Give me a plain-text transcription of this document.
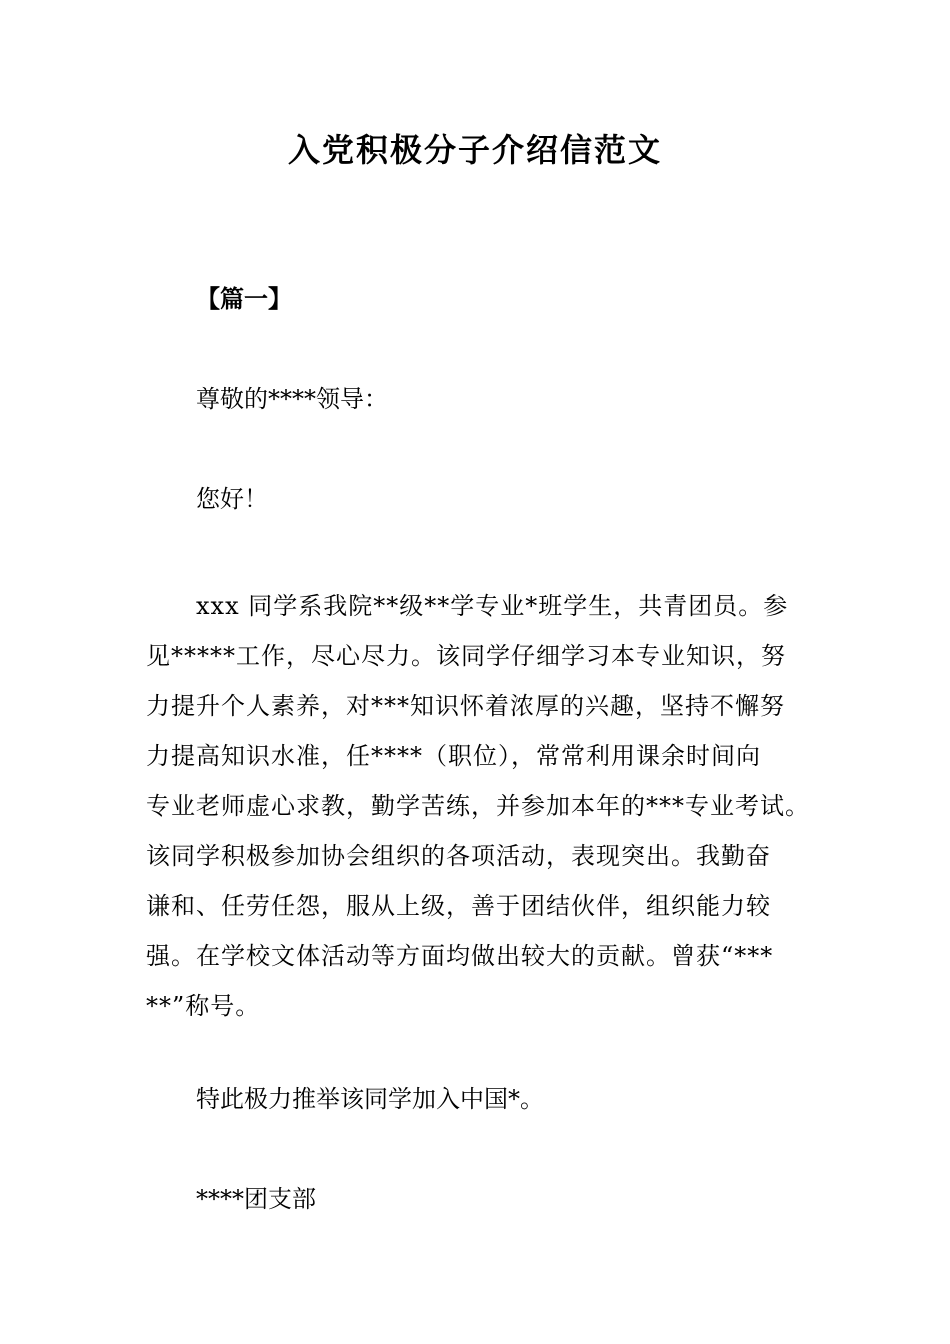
入党积极分子介绍信范文
【篇一】
尊敬的****领导：
您好！
xxx 同学系我院**级**学专业*班学生，共青团员。参
见*****工作，尽心尽力。该同学仔细学习本专业知识，努
力提升个人素养，对***知识怀着浓厚的兴趣，坚持不懈努
力提高知识水准，任****（职位），常常利用课余时间向
专业老师虚心求教，勤学苦练，并参加本年的***专业考试。
该同学积极参加协会组织的各项活动，表现突出。我勤奋
谦和、任劳任怨，服从上级，善于团结伙伴，组织能力较
强。在学校文体活动等方面均做出较大的贡献。曾获“***
**”称号。
特此极力推举该同学加入中国*。
****团支部
